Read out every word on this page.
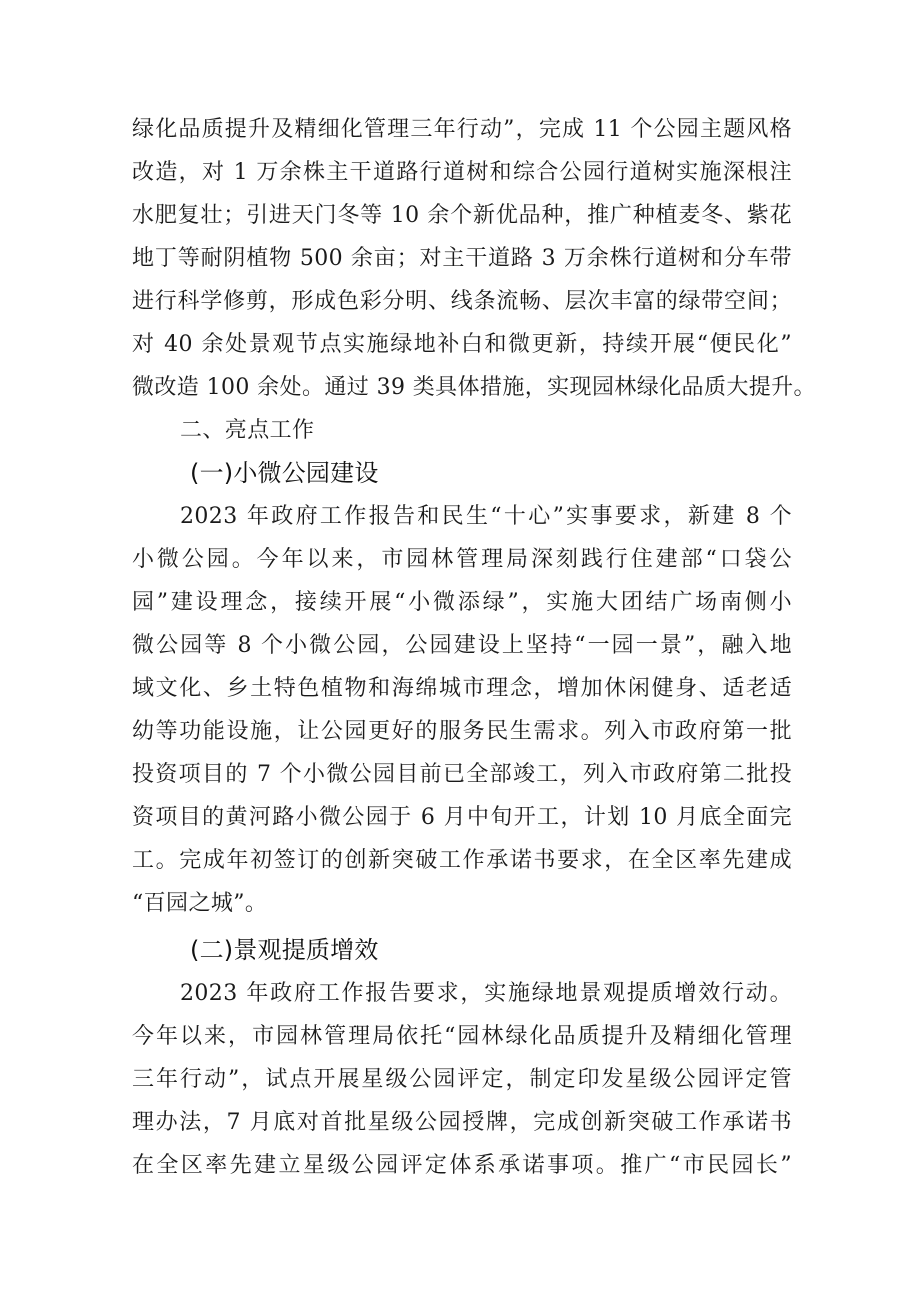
绿化品质提升及精细化管理三年行动”，完成 11 个公园主题风格
改造，对 1 万余株主干道路行道树和综合公园行道树实施深根注
水肥复壮；引进天门冬等 10 余个新优品种，推广种植麦冬、紫花
地丁等耐阴植物 500 余亩；对主干道路 3 万余株行道树和分车带
进行科学修剪，形成色彩分明、线条流畅、层次丰富的绿带空间；
对 40 余处景观节点实施绿地补白和微更新，持续开展“便民化”
微改造 100 余处。通过 39 类具体措施，实现园林绿化品质大提升。
二、亮点工作
(一)小微公园建设
2023 年政府工作报告和民生“十心”实事要求，新建 8 个
小微公园。今年以来，市园林管理局深刻践行住建部“口袋公
园”建设理念，接续开展“小微添绿”，实施大团结广场南侧小
微公园等 8 个小微公园，公园建设上坚持“一园一景”，融入地
域文化、乡土特色植物和海绵城市理念，增加休闲健身、适老适
幼等功能设施，让公园更好的服务民生需求。列入市政府第一批
投资项目的 7 个小微公园目前已全部竣工，列入市政府第二批投
资项目的黄河路小微公园于 6 月中旬开工，计划 10 月底全面完
工。完成年初签订的创新突破工作承诺书要求，在全区率先建成
“百园之城”。
(二)景观提质增效
2023 年政府工作报告要求，实施绿地景观提质增效行动。
今年以来，市园林管理局依托“园林绿化品质提升及精细化管理
三年行动”，试点开展星级公园评定，制定印发星级公园评定管
理办法，7 月底对首批星级公园授牌，完成创新突破工作承诺书
在全区率先建立星级公园评定体系承诺事项。推广“市民园长”
